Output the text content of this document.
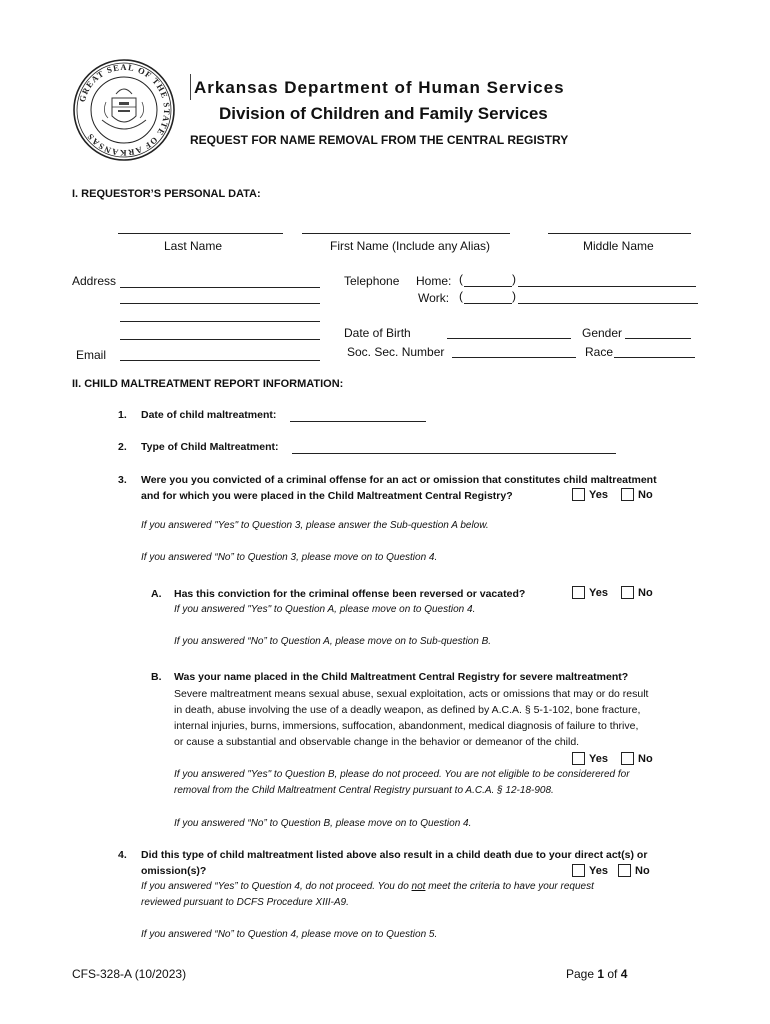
GREAT SEAL OF THE STATE OF ARKANSAS
Arkansas Department of Human Services
Division of Children and Family Services
REQUEST FOR NAME REMOVAL FROM THE CENTRAL REGISTRY
I. REQUESTOR’S PERSONAL DATA:
Last Name	First Name (Include any Alias)	Middle Name
Address	Telephone Home: (	)
Work: (	)
Date of Birth	Gender
Soc. Sec. Number	Race
Email
II. CHILD MALTREATMENT REPORT INFORMATION:
1. Date of child maltreatment:
2. Type of Child Maltreatment:
3. Were you you convicted of a criminal offense for an act or omission that constitutes child maltreatment
and for which you were placed in the Child Maltreatment Central Registry?	Yes	No
If you answered "Yes" to Question 3, please answer the Sub-question A below.
If you answered “No” to Question 3, please move on to Question 4.
A. Has this conviction for the criminal offense been reversed or vacated?	Yes	No
If you answered "Yes" to Question A, please move on to Question 4.
If you answered “No” to Question A, please move on to Sub-question B.
B. Was your name placed in the Child Maltreatment Central Registry for severe maltreatment?
Severe maltreatment means sexual abuse, sexual exploitation, acts or omissions that may or do result
in death, abuse involving the use of a deadly weapon, as defined by A.C.A. § 5-1-102, bone fracture,
internal injuries, burns, immersions, suffocation, abandonment, medical diagnosis of failure to thrive,
or cause a substantial and observable change in the behavior or demeanor of the child.
Yes	No
If you answered "Yes" to Question B, please do not proceed. You are not eligible to be considerered for
removal from the Child Maltreatment Central Registry pursuant to A.C.A. § 12-18-908.
If you answered “No” to Question B, please move on to Question 4.
4. Did this type of child maltreatment listed above also result in a child death due to your direct act(s) or
omission(s)?	Yes No
If you answered “Yes” to Question 4, do not proceed. You do not meet the criteria to have your request
reviewed pursuant to DCFS Procedure XIII-A9.
If you answered “No” to Question 4, please move on to Question 5.
CFS-328-A (10/2023)	Page 1 of 4
